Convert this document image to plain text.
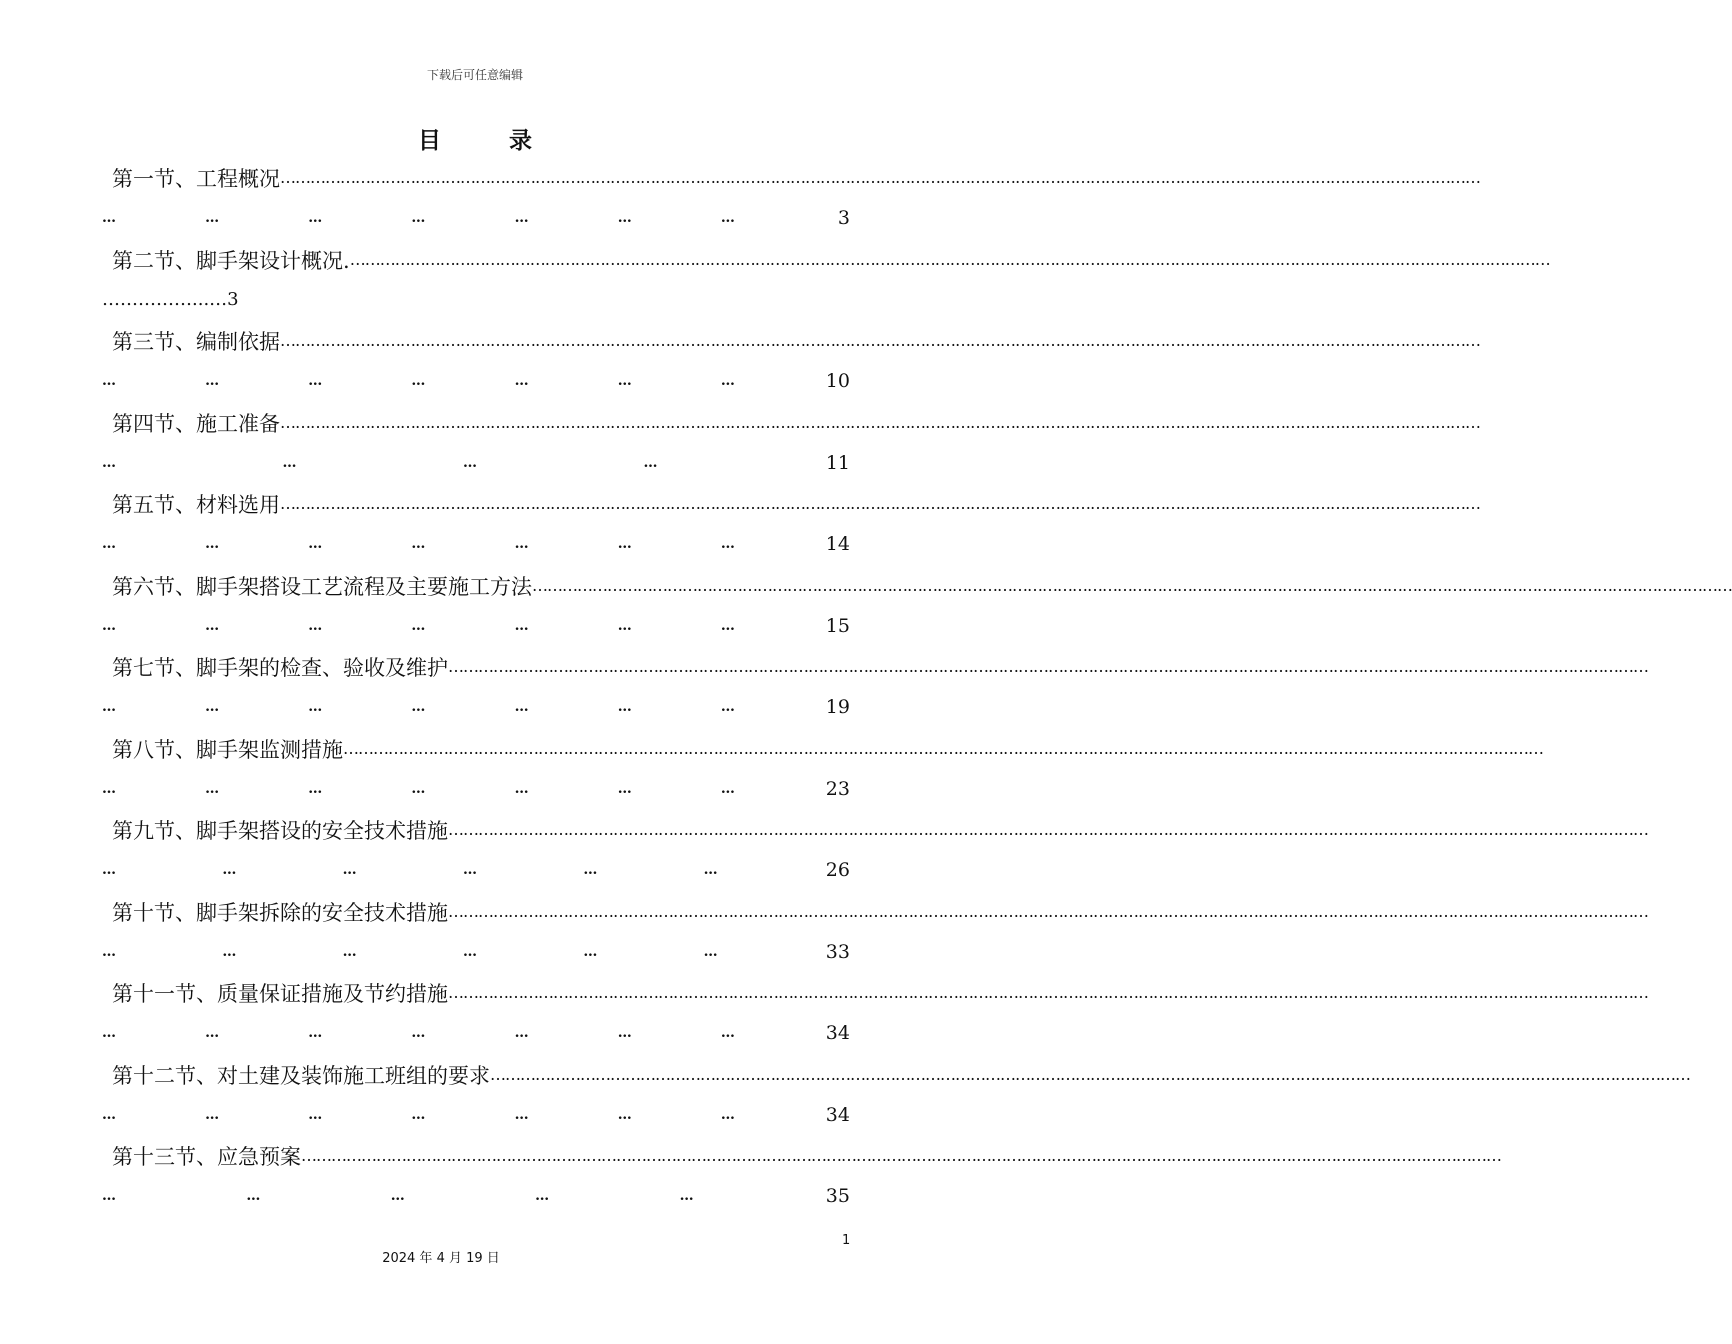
下载后可任意编辑
目 录
第一节、工程概况 ……………………………………………………………………………………………………………………………………………………………………………………………………………………
…	…	…	…	…	…	…	3
第二节、脚手架设计概况. ……………………………………………………………………………………………………………………………………………………………………………………………………………………
……………...…3
第三节、编制依据 ……………………………………………………………………………………………………………………………………………………………………………………………………………………
…	…	…	…	…	…	…	10
第四节、施工准备 ……………………………………………………………………………………………………………………………………………………………………………………………………………………
…	…	…	…	11
第五节、材料选用 ……………………………………………………………………………………………………………………………………………………………………………………………………………………
…	…	…	…	…	…	…	14
第六节、脚手架搭设工艺流程及主要施工方法 ……………………………………………………………………………………………………………………………………………………………………………………………………………………
…	…	…	…	…	…	…	15
第七节、脚手架的检查、验收及维护 ……………………………………………………………………………………………………………………………………………………………………………………………………………………
…	…	…	…	…	…	…	19
第八节、脚手架监测措施 ……………………………………………………………………………………………………………………………………………………………………………………………………………………
…	…	…	…	…	…	…	23
第九节、脚手架搭设的安全技术措施 ……………………………………………………………………………………………………………………………………………………………………………………………………………………
…	…	…	…	…	…	26
第十节、脚手架拆除的安全技术措施 ……………………………………………………………………………………………………………………………………………………………………………………………………………………
…	…	…	…	…	…	33
第十一节、质量保证措施及节约措施 ……………………………………………………………………………………………………………………………………………………………………………………………………………………
…	…	…	…	…	…	…	34
第十二节、对土建及装饰施工班组的要求 ……………………………………………………………………………………………………………………………………………………………………………………………………………………
…	…	…	…	…	…	…	34
第十三节、应急预案 ……………………………………………………………………………………………………………………………………………………………………………………………………………………
…	…	…	…	…	35
1
2024 年 4 月 19 日
